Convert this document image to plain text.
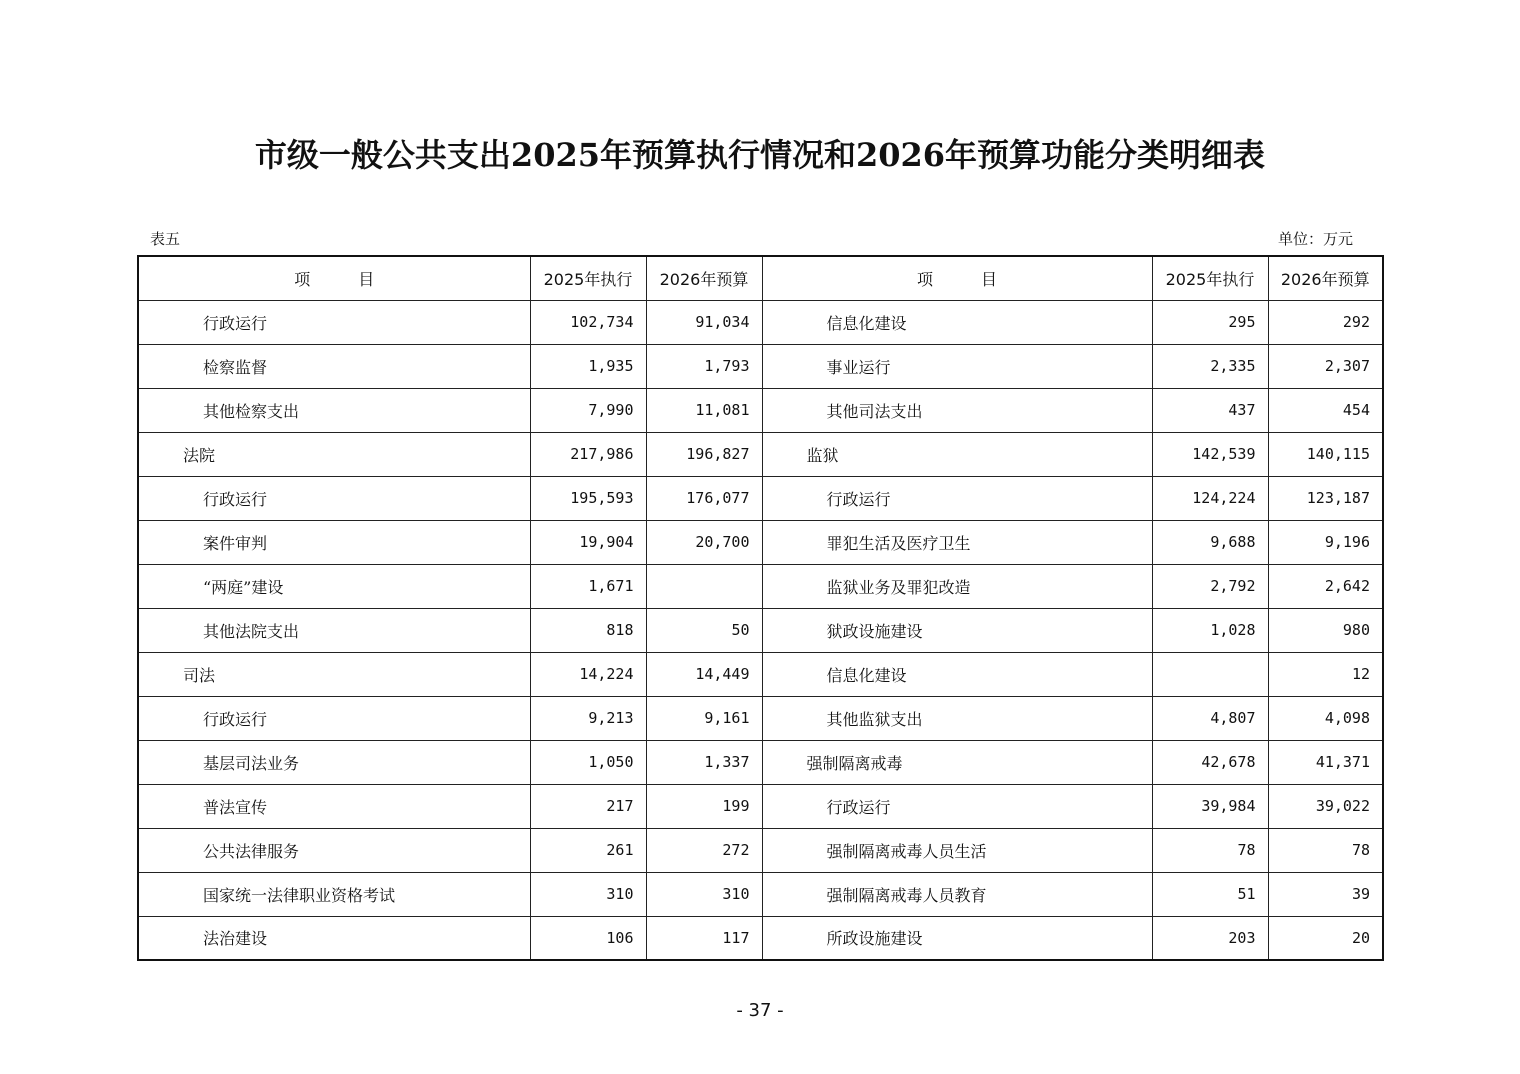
市级一般公共支出2025年预算执行情况和2026年预算功能分类明细表
表五	单位：万元
项　　　目	2025年执行	2026年预算	项　　　目	2025年执行	2026年预算
行政运行	102,734	91,034	信息化建设	295	292
检察监督	1,935	1,793	事业运行	2,335	2,307
其他检察支出	7,990	11,081	其他司法支出	437	454
法院	217,986	196,827	监狱	142,539	140,115
行政运行	195,593	176,077	行政运行	124,224	123,187
案件审判	19,904	20,700	罪犯生活及医疗卫生	9,688	9,196
“两庭”建设	1,671		监狱业务及罪犯改造	2,792	2,642
其他法院支出	818	50	狱政设施建设	1,028	980
司法	14,224	14,449	信息化建设		12
行政运行	9,213	9,161	其他监狱支出	4,807	4,098
基层司法业务	1,050	1,337	强制隔离戒毒	42,678	41,371
普法宣传	217	199	行政运行	39,984	39,022
公共法律服务	261	272	强制隔离戒毒人员生活	78	78
国家统一法律职业资格考试	310	310	强制隔离戒毒人员教育	51	39
法治建设	106	117	所政设施建设	203	20
- 37 -
